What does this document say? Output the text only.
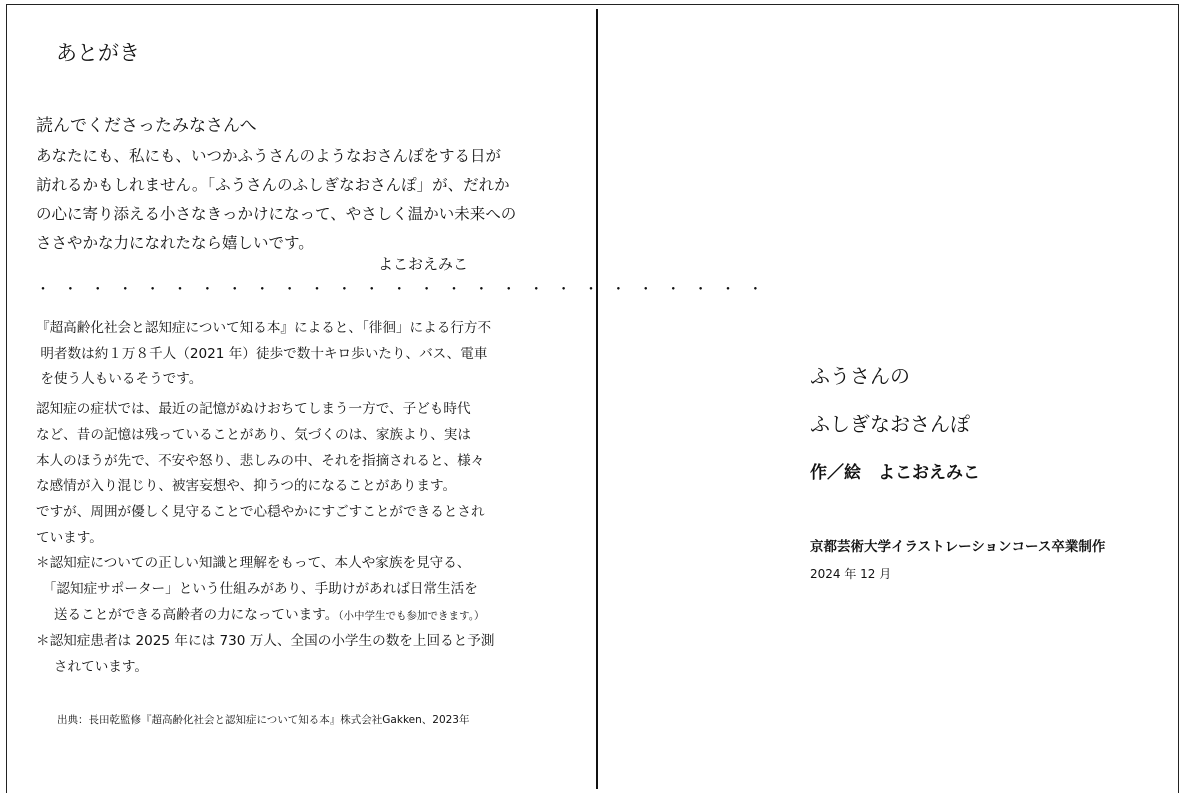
あとがき
読んでくださったみなさんへ
あなたにも、私にも、いつかふうさんのようなおさんぽをする日が
訪れるかもしれません。「ふうさんのふしぎなおさんぽ」が、だれか
の心に寄り添える小さなきっかけになって、やさしく温かい未来への
ささやかな力になれたなら嬉しいです。
よこおえみこ
・・・・・・・・・・・・・・・・・・・・・・・・・・・
『超高齢化社会と認知症について知る本』によると、「徘徊」による行方不
明者数は約１万８千人（2021 年）徒歩で数十キロ歩いたり、バス、電車
を使う人もいるそうです。
認知症の症状では、最近の記憶がぬけおちてしまう一方で、子ども時代
など、昔の記憶は残っていることがあり、気づくのは、家族より、実は
本人のほうが先で、不安や怒り、悲しみの中、それを指摘されると、様々
な感情が入り混じり、被害妄想や、抑うつ的になることがあります。
ですが、周囲が優しく見守ることで心穏やかにすごすことができるとされ
ています。
＊認知症についての正しい知識と理解をもって、本人や家族を見守る、
　「認知症サポーター」という仕組みがあり、手助けがあれば日常生活を
　 送ることができる高齢者の力になっています。（小中学生でも参加できます。）
＊認知症患者は 2025 年には 730 万人、全国の小学生の数を上回ると予測
　 されています。
出典：長田乾監修『超高齢化社会と認知症について知る本』株式会社Gakken、2023年
ふうさんの
ふしぎなおさんぽ
作／絵　よこおえみこ
京都芸術大学イラストレーションコース卒業制作
2024 年 12 月
